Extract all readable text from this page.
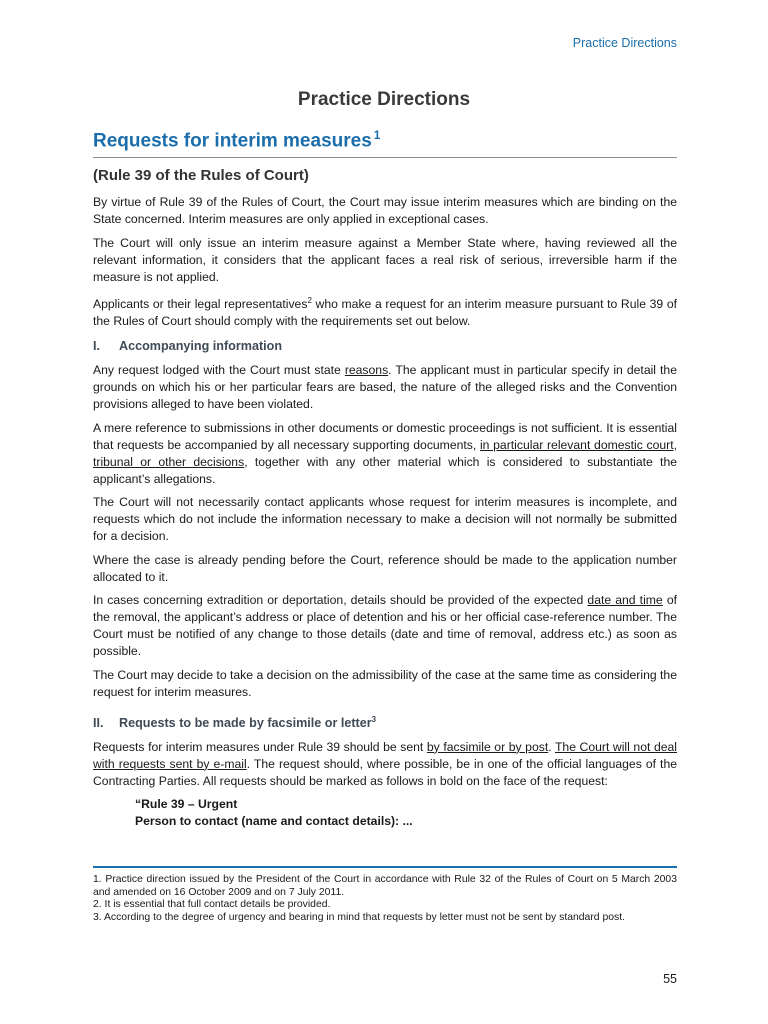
Practice Directions
Practice Directions
Requests for interim measures $^1$
(Rule 39 of the Rules of Court)

By virtue of Rule 39 of the Rules of Court, the Court may issue interim measures which are binding on the State concerned. Interim measures are only applied in exceptional cases.

The Court will only issue an interim measure against a Member State where, having reviewed all the relevant information, it considers that the applicant faces a real risk of serious, irreversible harm if the measure is not applied.

Applicants or their legal representatives$^2$ who make a request for an interim measure pursuant to Rule 39 of the Rules of Court should comply with the requirements set out below.

I. Accompanying information

Any request lodged with the Court must state reasons. The applicant must in particular specify in detail the grounds on which his or her particular fears are based, the nature of the alleged risks and the Convention provisions alleged to have been violated.

A mere reference to submissions in other documents or domestic proceedings is not sufficient. It is essential that requests be accompanied by all necessary supporting documents, in particular relevant domestic court, tribunal or other decisions, together with any other material which is considered to substantiate the applicant’s allegations.

The Court will not necessarily contact applicants whose request for interim measures is incomplete, and requests which do not include the information necessary to make a decision will not normally be submitted for a decision.

Where the case is already pending before the Court, reference should be made to the application number allocated to it.

In cases concerning extradition or deportation, details should be provided of the expected date and time of the removal, the applicant’s address or place of detention and his or her official case-reference number. The Court must be notified of any change to those details (date and time of removal, address etc.) as soon as possible.

The Court may decide to take a decision on the admissibility of the case at the same time as considering the request for interim measures.

II. Requests to be made by facsimile or letter$^3$

Requests for interim measures under Rule 39 should be sent by facsimile or by post. The Court will not deal with requests sent by e-mail. The request should, where possible, be in one of the official languages of the Contracting Parties. All requests should be marked as follows in bold on the face of the request:

“Rule 39 – Urgent
Person to contact (name and contact details): ...
1. Practice direction issued by the President of the Court in accordance with Rule 32 of the Rules of Court on 5 March 2003 and amended on 16 October 2009 and on 7 July 2011.
2. It is essential that full contact details be provided.
3. According to the degree of urgency and bearing in mind that requests by letter must not be sent by standard post.
55
